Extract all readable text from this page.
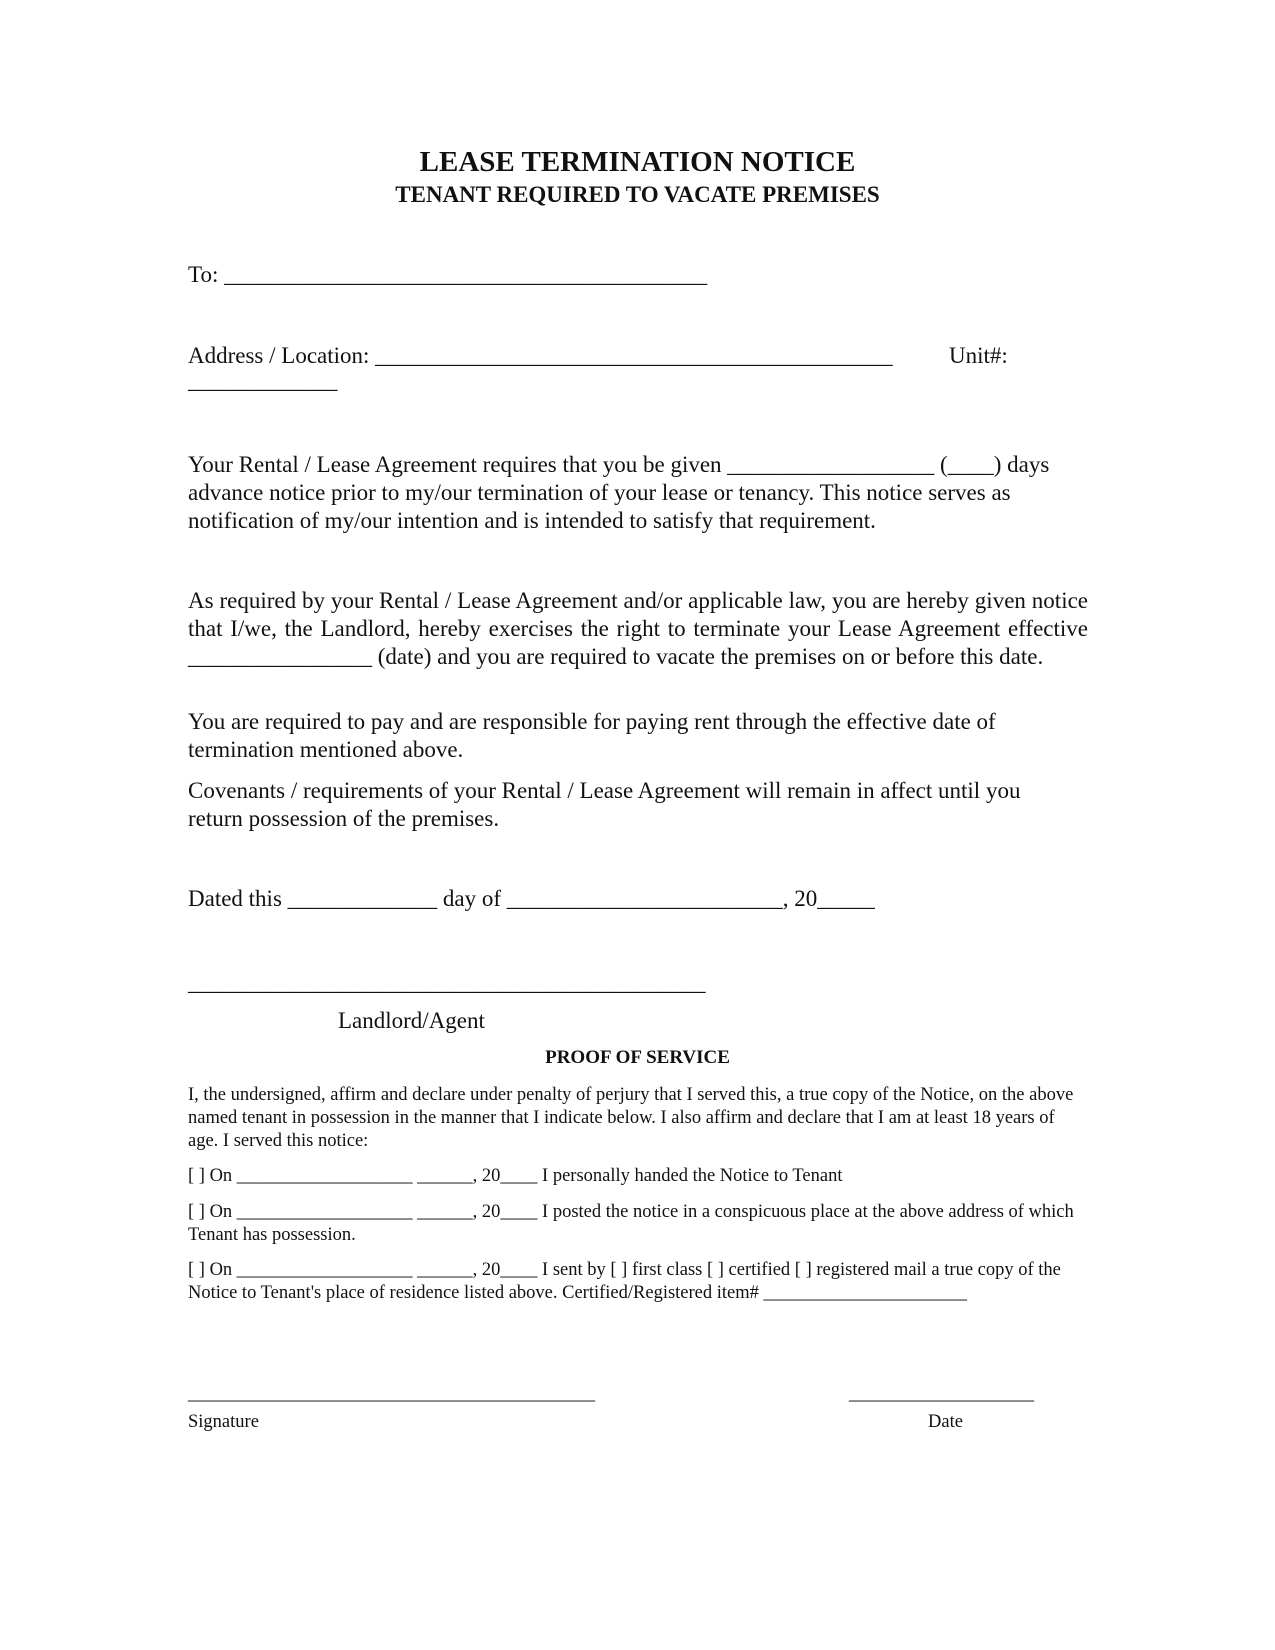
LEASE TERMINATION NOTICE
TENANT REQUIRED TO VACATE PREMISES
To: __________________________________________
Address / Location: _____________________________________________ Unit#:
_____________
Your Rental / Lease Agreement requires that you be given __________________ (____) days advance notice prior to my/our termination of your lease or tenancy. This notice serves as notification of my/our intention and is intended to satisfy that requirement.
As required by your Rental / Lease Agreement and/or applicable law, you are hereby given notice that I/we, the Landlord, hereby exercises the right to terminate your Lease Agreement effective ________________ (date) and you are required to vacate the premises on or before this date.
You are required to pay and are responsible for paying rent through the effective date of termination mentioned above.
Covenants / requirements of your Rental / Lease Agreement will remain in affect until you return possession of the premises.
Dated this _____________ day of ________________________, 20_____
_____________________________________________
Landlord/Agent
PROOF OF SERVICE
I, the undersigned, affirm and declare under penalty of perjury that I served this, a true copy of the Notice, on the above named tenant in possession in the manner that I indicate below. I also affirm and declare that I am at least 18 years of age. I served this notice:
[ ] On ___________________ ______, 20____ I personally handed the Notice to Tenant
[ ] On ___________________ ______, 20____ I posted the notice in a conspicuous place at the above address of which Tenant has possession.
[ ] On ___________________ ______, 20____ I sent by [ ] first class [ ] certified [ ] registered mail a true copy of the Notice to Tenant's place of residence listed above. Certified/Registered item# ______________________
____________________________________________	____________________
Signature	Date
